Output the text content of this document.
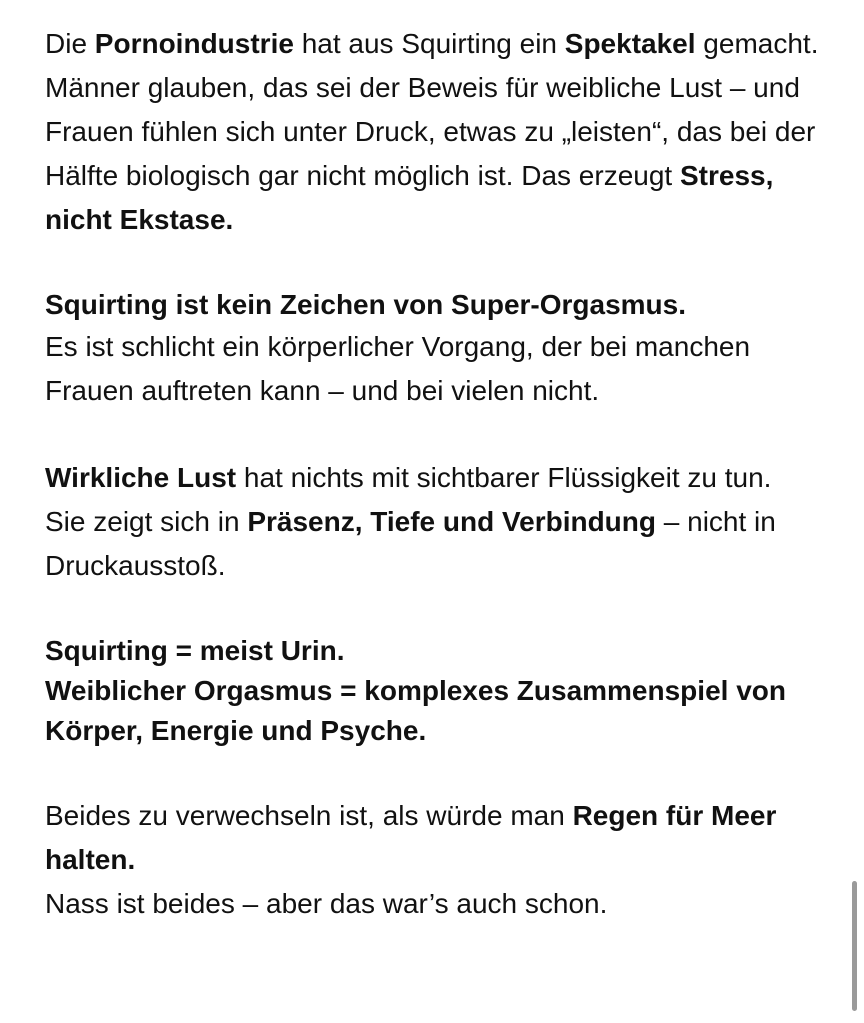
Die Pornoindustrie hat aus Squirting ein Spektakel gemacht. Männer glauben, das sei der Beweis für weibliche Lust – und Frauen fühlen sich unter Druck, etwas zu „leisten“, das bei der Hälfte biologisch gar nicht möglich ist. Das erzeugt Stress, nicht Ekstase.

Squirting ist kein Zeichen von Super-Orgasmus.
Es ist schlicht ein körperlicher Vorgang, der bei manchen Frauen auftreten kann – und bei vielen nicht.

Wirkliche Lust hat nichts mit sichtbarer Flüssigkeit zu tun.
Sie zeigt sich in Präsenz, Tiefe und Verbindung – nicht in Druckausstoß.

Squirting = meist Urin.
Weiblicher Orgasmus = komplexes Zusammenspiel von Körper, Energie und Psyche.

Beides zu verwechseln ist, als würde man Regen für Meer halten.
Nass ist beides – aber das war’s auch schon.
